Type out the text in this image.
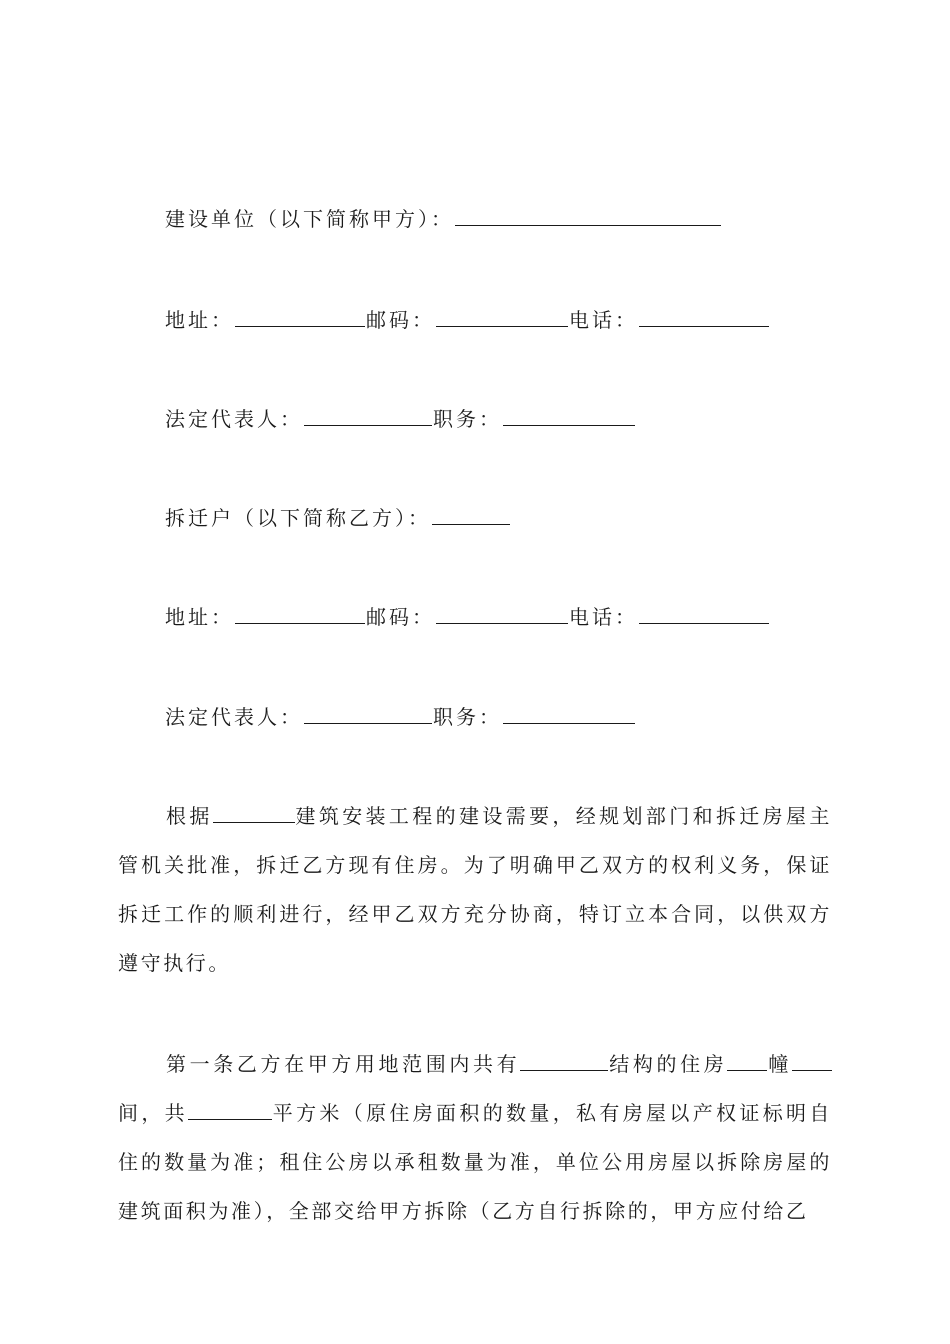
建设单位（以下简称甲方）：
地址：	邮码：	电话：
法定代表人：	职务：
拆迁户（以下简称乙方）：
地址：	邮码：	电话：
法定代表人：	职务：
根据	建筑安装工程的建设需要，经规划部门和拆迁房屋主管机关批准，拆迁乙方现有住房。为了明确甲乙双方的权利义务，保证拆迁工作的顺利进行，经甲乙双方充分协商，特订立本合同，以供双方遵守执行。
第一条乙方在甲方用地范围内共有	结构的住房 幢间，共	平方米（原住房面积的数量，私有房屋以产权证标明自住的数量为准；租住公房以承租数量为准，单位公用房屋以拆除房屋的建筑面积为准），全部交给甲方拆除（乙方自行拆除的，甲方应付给乙
